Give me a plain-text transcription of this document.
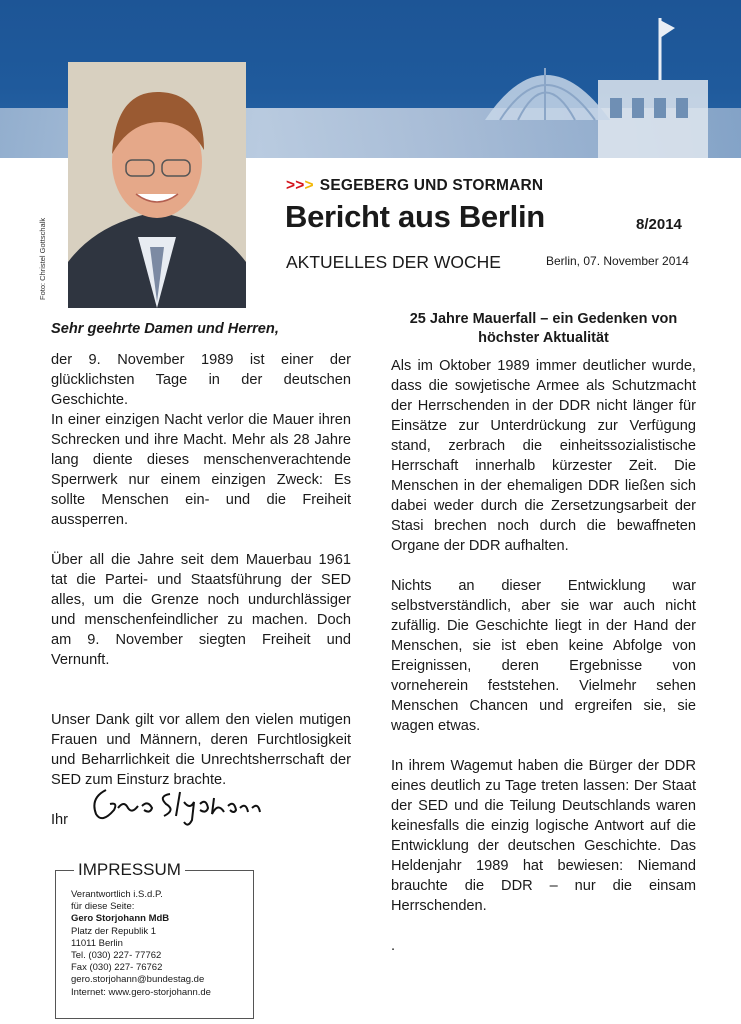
Foto: Christel Gottschalk
>>> SEGEBERG UND STORMARN
Bericht aus Berlin	8/2014
AKTUELLES DER WOCHE	Berlin, 07. November 2014

Sehr geehrte Damen und Herren,

der 9. November 1989 ist einer der glücklichsten Tage in der deutschen Geschichte.

In einer einzigen Nacht verlor die Mauer ihren Schrecken und ihre Macht. Mehr als 28 Jahre lang diente dieses menschenverachtende Sperrwerk nur einem einzigen Zweck: Es sollte Menschen ein- und die Freiheit aussperren.

Über all die Jahre seit dem Mauerbau 1961 tat die Partei- und Staatsführung der SED alles, um die Grenze noch undurchlässiger und menschenfeindlicher zu machen. Doch am 9. November siegten Freiheit und Vernunft.

Unser Dank gilt vor allem den vielen mutigen Frauen und Männern, deren Furchtlosigkeit und Beharrlichkeit die Unrechtsherrschaft der SED zum Einsturz brachte.

Ihr

25 Jahre Mauerfall – ein Gedenken von
höchster Aktualität

Als im Oktober 1989 immer deutlicher wurde, dass die sowjetische Armee als Schutzmacht der Herrschenden in der DDR nicht länger für Einsätze zur Unterdrückung zur Verfügung stand, zerbrach die einheitssozialistische Herrschaft innerhalb kürzester Zeit. Die Menschen in der ehemaligen DDR ließen sich dabei weder durch die Zersetzungsarbeit der Stasi brechen noch durch die bewaffneten Organe der DDR aufhalten.

Nichts an dieser Entwicklung war selbstverständlich, aber sie war auch nicht zufällig. Die Geschichte liegt in der Hand der Menschen, sie ist eben keine Abfolge von Ereignissen, deren Ergebnisse von vorneherein feststehen. Vielmehr sehen Menschen Chancen und ergreifen sie, sie wagen etwas.

In ihrem Wagemut haben die Bürger der DDR eines deutlich zu Tage treten lassen: Der Staat der SED und die Teilung Deutschlands waren keinesfalls die einzig logische Antwort auf die Entwicklung der deutschen Geschichte. Das Heldenjahr 1989 hat bewiesen: Niemand brauchte die DDR – nur die einsam Herrschenden.

.

IMPRESSUM
Verantwortlich i.S.d.P.
für diese Seite:
Gero Storjohann MdB
Platz der Republik 1
11011 Berlin
Tel. (030) 227- 77762
Fax (030) 227- 76762
gero.storjohann@bundestag.de
Internet: www.gero-storjohann.de
